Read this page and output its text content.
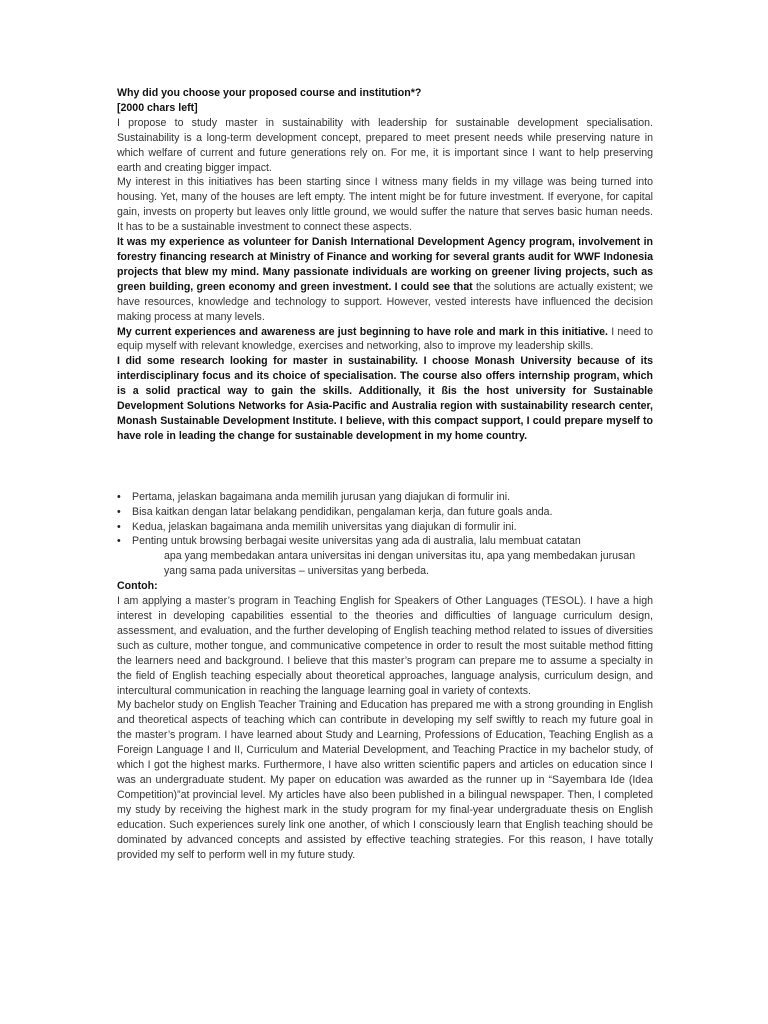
Why did you choose your proposed course and institution*?

[2000 chars left]

I propose to study master in sustainability with leadership for sustainable development specialisation. Sustainability is a long-term development concept, prepared to meet present needs while preserving nature in which welfare of current and future generations rely on. For me, it is important since I want to help preserving earth and creating bigger impact.

My interest in this initiatives has been starting since I witness many fields in my village was being turned into housing. Yet, many of the houses are left empty. The intent might be for future investment. If everyone, for capital gain, invests on property but leaves only little ground, we would suffer the nature that serves basic human needs. It has to be a sustainable investment to connect these aspects.

It was my experience as volunteer for Danish International Development Agency program, involvement in forestry financing research at Ministry of Finance and working for several grants audit for WWF Indonesia projects that blew my mind. Many passionate individuals are working on greener living projects, such as green building, green economy and green investment. I could see that the solutions are actually existent; we have resources, knowledge and technology to support. However, vested interests have influenced the decision making process at many levels.

My current experiences and awareness are just beginning to have role and mark in this initiative. I need to equip myself with relevant knowledge, exercises and networking, also to improve my leadership skills.

I did some research looking for master in sustainability. I choose Monash University because of its interdisciplinary focus and its choice of specialisation. The course also offers internship program, which is a solid practical way to gain the skills. Additionally, it ßis the host university for Sustainable Development Solutions Networks for Asia-Pacific and Australia region with sustainability research center, Monash Sustainable Development Institute. I believe, with this compact support, I could prepare myself to have role in leading the change for sustainable development in my home country.

• Pertama, jelaskan bagaimana anda memilih jurusan yang diajukan di formulir ini.
• Bisa kaitkan dengan latar belakang pendidikan, pengalaman kerja, dan future goals anda.
• Kedua, jelaskan bagaimana anda memilih universitas yang diajukan di formulir ini.
• Penting untuk browsing berbagai wesite universitas yang ada di australia, lalu membuat catatan
apa yang membedakan antara universitas ini dengan universitas itu, apa yang membedakan jurusan yang sama pada universitas – universitas yang berbeda.

Contoh:

I am applying a master’s program in Teaching English for Speakers of Other Languages (TESOL). I have a high interest in developing capabilities essential to the theories and difficulties of language curriculum design, assessment, and evaluation, and the further developing of English teaching method related to issues of diversities such as culture, mother tongue, and communicative competence in order to result the most suitable method fitting the learners need and background. I believe that this master’s program can prepare me to assume a specialty in the field of English teaching especially about theoretical approaches, language analysis, curriculum design, and intercultural communication in reaching the language learning goal in variety of contexts.

My bachelor study on English Teacher Training and Education has prepared me with a strong grounding in English and theoretical aspects of teaching which can contribute in developing my self swiftly to reach my future goal in the master’s program. I have learned about Study and Learning, Professions of Education, Teaching English as a Foreign Language I and II, Curriculum and Material Development, and Teaching Practice in my bachelor study, of which I got the highest marks. Furthermore, I have also written scientific papers and articles on education since I was an undergraduate student. My paper on education was awarded as the runner up in “Sayembara Ide (Idea Competition)”at provincial level. My articles have also been published in a bilingual newspaper. Then, I completed my study by receiving the highest mark in the study program for my final-year undergraduate thesis on English education. Such experiences surely link one another, of which I consciously learn that English teaching should be dominated by advanced concepts and assisted by effective teaching strategies. For this reason, I have totally provided my self to perform well in my future study.
